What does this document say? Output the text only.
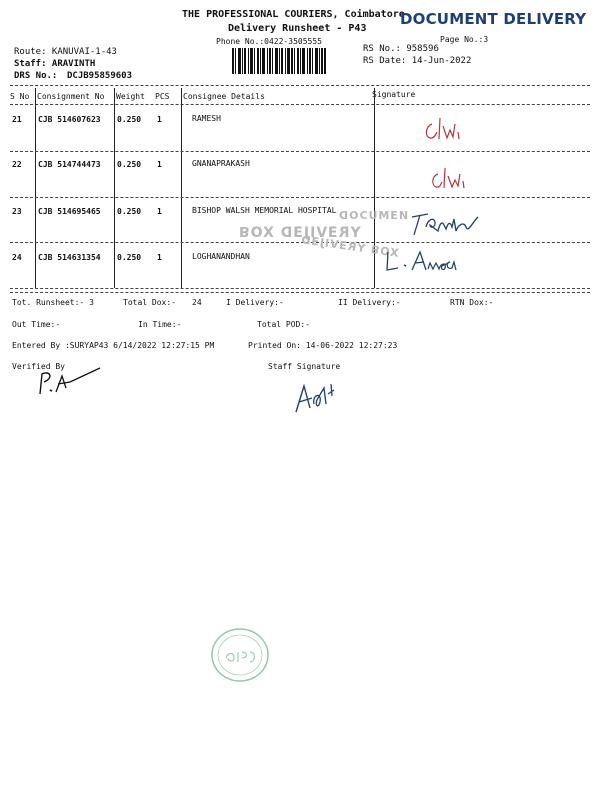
THE PROFESSIONAL COURIERS, Coimbatore
Delivery Runsheet - P43
Phone No.:0422-3505555
DOCUMENT DELIVERY
Page No.:3
Route: KANUVAI-1-43
Staff: ARAVINTH
DRS No.: DCJB95859603
RS No.: 958596
RS Date: 14-Jun-2022
S No Consignment No Weight PCS Consignee Details	Signature
21 CJB 514607623 0.250 1	RAMESH
22 CJB 514744473 0.250 1	GNANAPRAKASH
23 CJB 514695465 0.250 1	BISHOP WALSH MEMORIAL HOSPITAL
24 CJB 514631354 0.250 1	LOGHANANDHAN
YRƎVIJƎD XOꓭ
XOꓭ YRƎVIJƎD
ИƎMUƆOD
Tot. Runsheet:- 3	Total Dox:- 24	I Delivery:-	II Delivery:-	RTN Dox:-
Out Time:-	In Time:-	Total POD:-
Entered By :SURYAP43 6/14/2022 12:27:15 PM	Printed On: 14-06-2022 12:27:23
Verified By	Staff Signature
